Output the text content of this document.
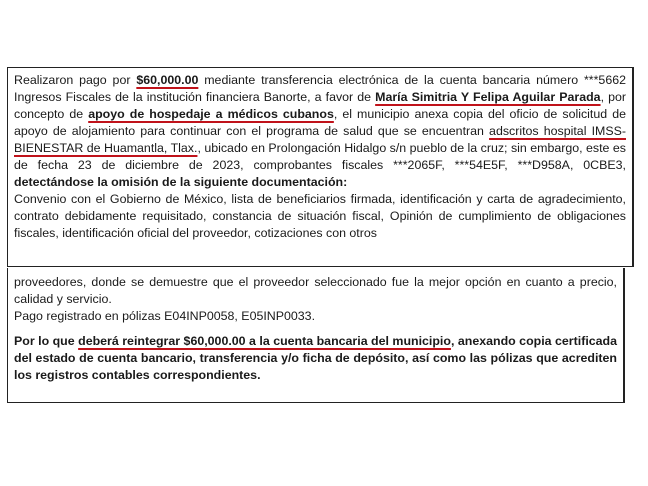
Realizaron pago por $60,000.00 mediante transferencia electrónica de la cuenta bancaria número ***5662 Ingresos Fiscales de la institución financiera Banorte, a favor de María Simitria Y Felipa Aguilar Parada, por concepto de apoyo de hospedaje a médicos cubanos, el municipio anexa copia del oficio de solicitud de apoyo de alojamiento para continuar con el programa de salud que se encuentran adscritos hospital IMSS-BIENESTAR de Huamantla, Tlax., ubicado en Prolongación Hidalgo s/n pueblo de la cruz; sin embargo, este es de fecha 23 de diciembre de 2023, comprobantes fiscales ***2065F, ***54E5F, ***D958A, 0CBE3, detectándose la omisión de la siguiente documentación:

Convenio con el Gobierno de México, lista de beneficiarios firmada, identificación y carta de agradecimiento, contrato debidamente requisitado, constancia de situación fiscal, Opinión de cumplimiento de obligaciones fiscales, identificación oficial del proveedor, cotizaciones con otros

proveedores, donde se demuestre que el proveedor seleccionado fue la mejor opción en cuanto a precio, calidad y servicio.

Pago registrado en pólizas E04INP0058, E05INP0033.

Por lo que deberá reintegrar $60,000.00 a la cuenta bancaria del municipio, anexando copia certificada del estado de cuenta bancario, transferencia y/o ficha de depósito, así como las pólizas que acrediten los registros contables correspondientes.
